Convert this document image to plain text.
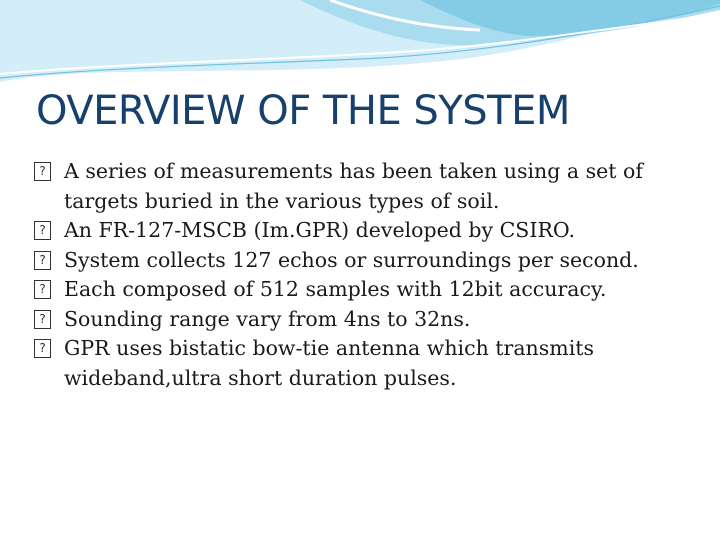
OVERVIEW OF THE SYSTEM
? A series of measurements has been taken using a set of targets buried in the various types of soil.
? An FR-127-MSCB (Im.GPR) developed by CSIRO.
? System collects 127 echos or surroundings per second.
? Each composed of 512 samples with 12bit accuracy.
? Sounding range vary from 4ns to 32ns.
? GPR uses bistatic bow-tie antenna which transmits wideband,ultra short duration pulses.
